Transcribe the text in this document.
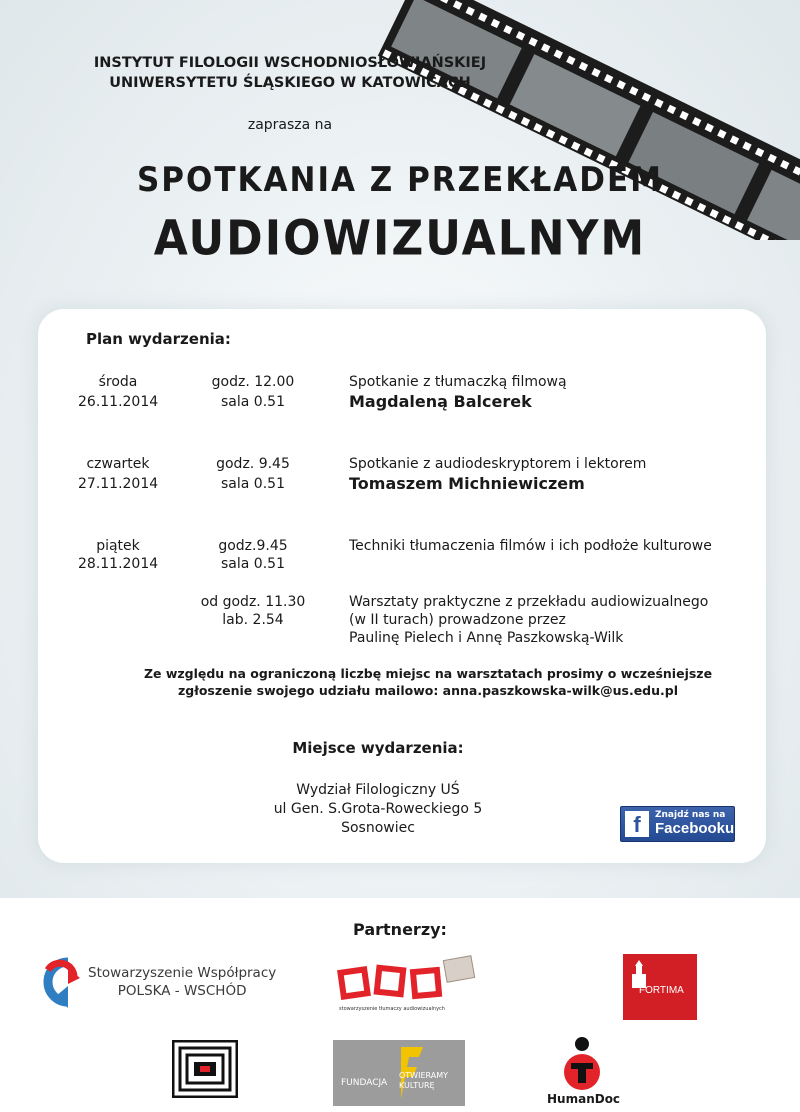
INSTYTUT FILOLOGII WSCHODNIOSŁOWIAŃSKIEJ
UNIWERSYTETU ŚLĄSKIEGO W KATOWICACH
zaprasza na
SPOTKANIA Z PRZEKŁADEM
AUDIOWIZUALNYM
Plan wydarzenia:
środa
26.11.2014
godz. 12.00
sala 0.51
Spotkanie z tłumaczką filmową
Magdaleną Balcerek
czwartek
27.11.2014
godz. 9.45
sala 0.51
Spotkanie z audiodeskryptorem i lektorem
Tomaszem Michniewiczem
piątek
28.11.2014
godz.9.45
sala 0.51
Techniki tłumaczenia filmów i ich podłoże kulturowe
od godz. 11.30
lab. 2.54
Warsztaty praktyczne z przekładu audiowizualnego
(w II turach) prowadzone przez
Paulinę Pielech i Annę Paszkowską-Wilk
Ze względu na ograniczoną liczbę miejsc na warsztatach prosimy o wcześniejsze
zgłoszenie swojego udziału mailowo: anna.paszkowska-wilk@us.edu.pl
Miejsce wydarzenia:
Wydział Filologiczny UŚ
ul Gen. S.Grota-Roweckiego 5
Sosnowiec	f	Znajdź nas na
Facebooku
Partnerzy:
Stowarzyszenie Współpracy
POLSKA - WSCHÓD
stowarzyszenie tłumaczy audiowizualnych
FORTIMA
FUNDACJA
OTWIERAMY
KULTURĘ
HumanDoc
